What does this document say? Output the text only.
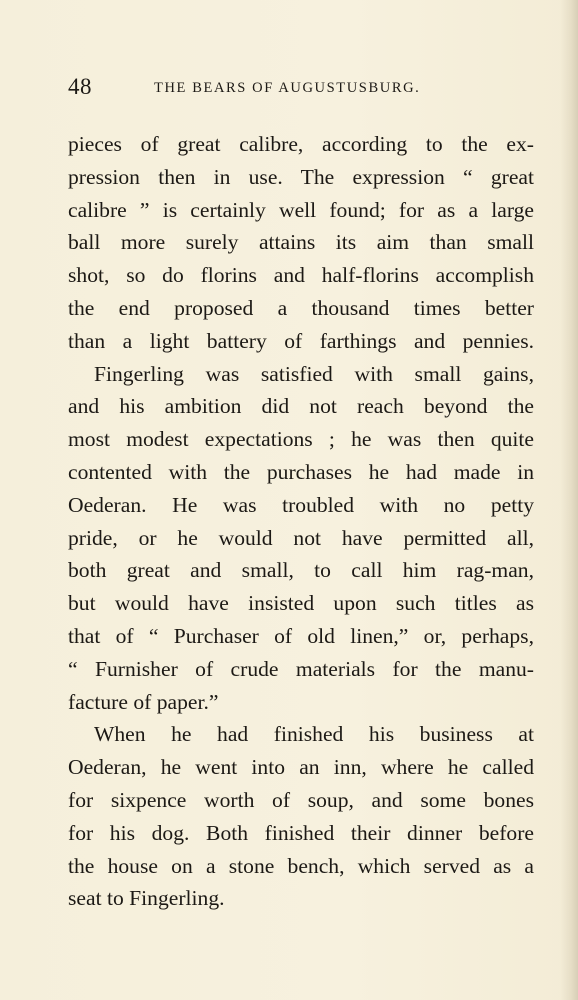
48	THE BEARS OF AUGUSTUSBURG.
pieces of great calibre, according to the ex-
pression then in use. The expression “ great
calibre ” is certainly well found; for as a large
ball more surely attains its aim than small
shot, so do florins and half-florins accomplish
the end proposed a thousand times better
than a light battery of farthings and pennies.
Fingerling was satisfied with small gains,
and his ambition did not reach beyond the
most modest expectations ; he was then quite
contented with the purchases he had made in
Oederan. He was troubled with no petty
pride, or he would not have permitted all,
both great and small, to call him rag-man,
but would have insisted upon such titles as
that of “ Purchaser of old linen,” or, perhaps,
“ Furnisher of crude materials for the manu-
facture of paper.”
When he had finished his business at
Oederan, he went into an inn, where he called
for sixpence worth of soup, and some bones
for his dog. Both finished their dinner before
the house on a stone bench, which served as a
seat to Fingerling.
